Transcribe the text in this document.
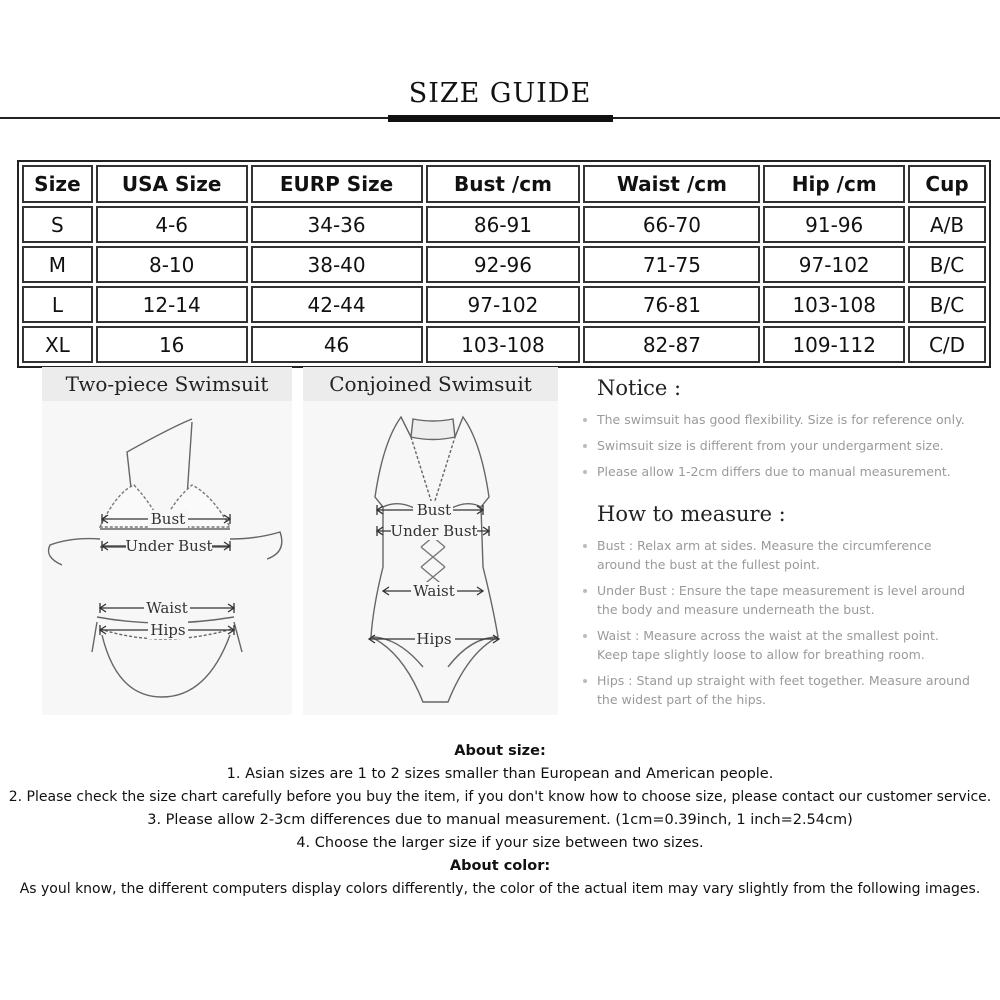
SIZE GUIDE
Size	USA Size	EURP Size	Bust /cm	Waist /cm	Hip /cm	Cup
S	4-6	34-36	86-91	66-70	91-96	A/B
M	8-10	38-40	92-96	71-75	97-102	B/C
L	12-14	42-44	97-102	76-81	103-108	B/C
XL	16	46	103-108	82-87	109-112	C/D
Two-piece Swimsuit
Bust
Under Bust
Waist
Hips
Conjoined Swimsuit
Bust
Under Bust
Waist
Hips
Notice :
The swimsuit has good flexibility. Size is for reference only.
Swimsuit size is different from your undergarment size.
Please allow 1-2cm differs due to manual measurement.
How to measure :
Bust : Relax arm at sides. Measure the circumference
around the bust at the fullest point.
Under Bust : Ensure the tape measurement is level around
the body and measure underneath the bust.
Waist : Measure across the waist at the smallest point.
Keep tape slightly loose to allow for breathing room.
Hips : Stand up straight with feet together. Measure around
the widest part of the hips.
About size:
1. Asian sizes are 1 to 2 sizes smaller than European and American people.
2. Please check the size chart carefully before you buy the item, if you don't know how to choose size, please contact our customer service.
3. Please allow 2-3cm differences due to manual measurement. (1cm=0.39inch, 1 inch=2.54cm)
4. Choose the larger size if your size between two sizes.
About color:
As youl know, the different computers display colors differently, the color of the actual item may vary slightly from the following images.
